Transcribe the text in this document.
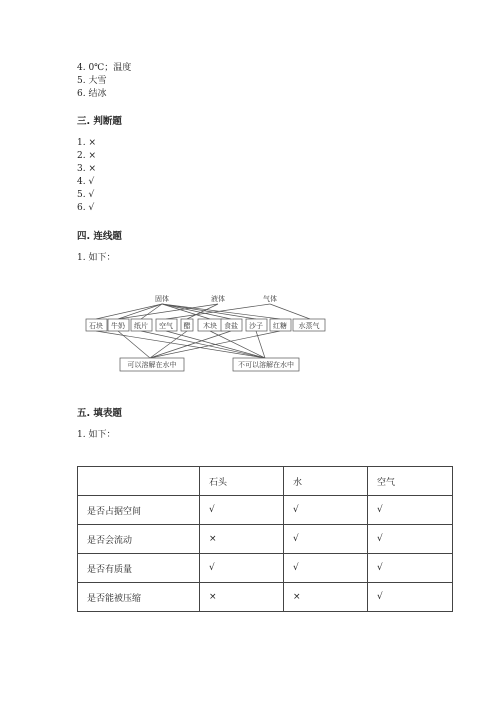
4. 0℃；温度
5. 大雪
6. 结冰
三. 判断题
1. ×
2. ×
3. ×
4. √
5. √
6. √
四. 连线题
1. 如下：
固体	液体	气体
石块 牛奶 纸片 空气 醋 木块 食盐 沙子 红糖 水蒸气
可以溶解在水中	不可以溶解在水中
五. 填表题
1. 如下：
	石头	水	空气
是否占据空间	√	√	√
是否会流动	×	√	√
是否有质量	√	√	√
是否能被压缩	×	×	√
